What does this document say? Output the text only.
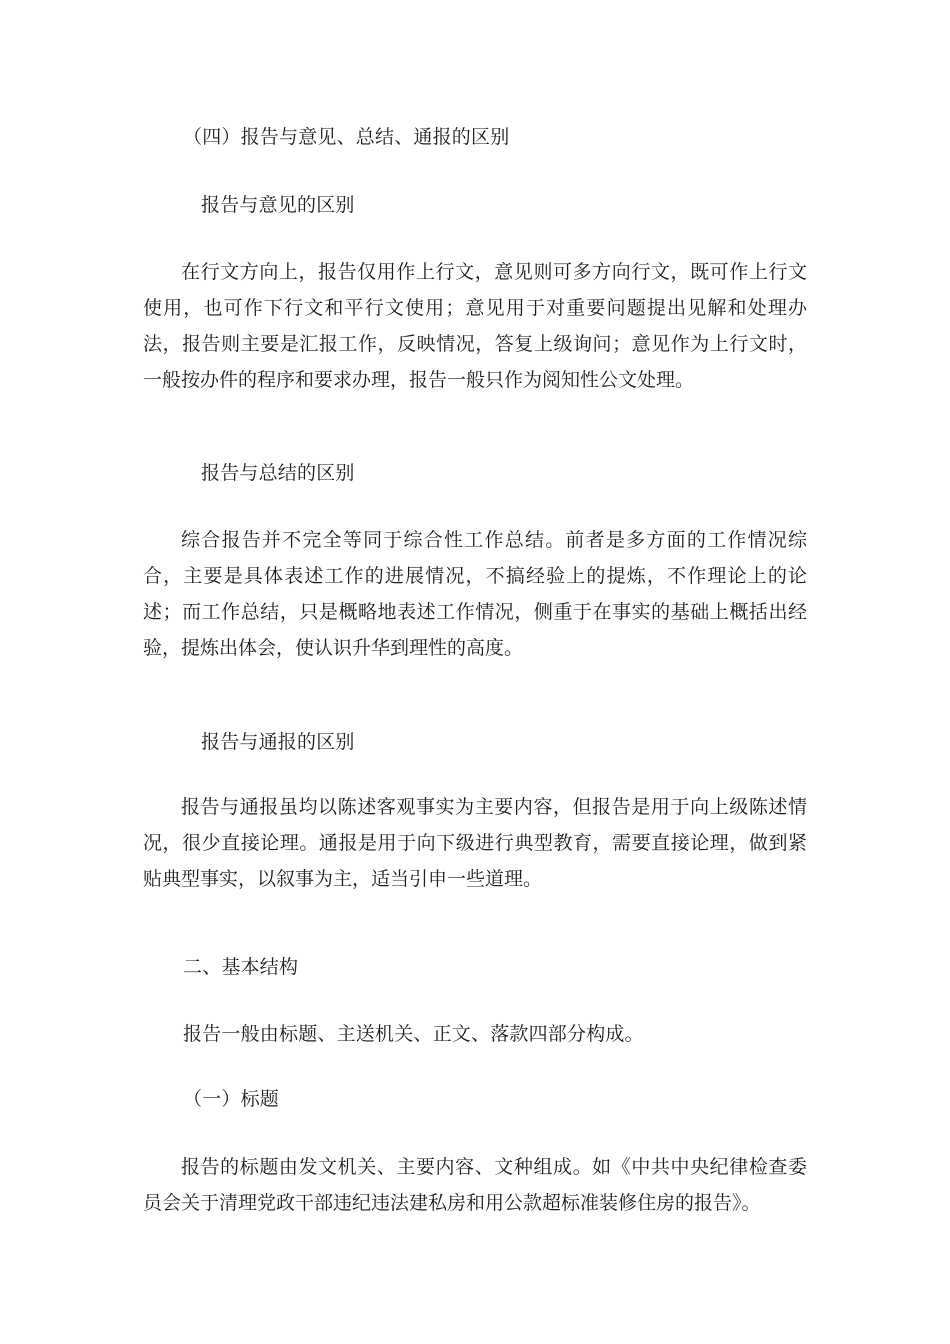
（四）报告与意见、总结、通报的区别
报告与意见的区别
在行文方向上，报告仅用作上行文，意见则可多方向行文，既可作上行文使用，也可作下行文和平行文使用；意见用于对重要问题提出见解和处理办法，报告则主要是汇报工作，反映情况，答复上级询问；意见作为上行文时，一般按办件的程序和要求办理，报告一般只作为阅知性公文处理。
报告与总结的区别
综合报告并不完全等同于综合性工作总结。前者是多方面的工作情况综合，主要是具体表述工作的进展情况，不搞经验上的提炼，不作理论上的论述；而工作总结，只是概略地表述工作情况，侧重于在事实的基础上概括出经验，提炼出体会，使认识升华到理性的高度。
报告与通报的区别
报告与通报虽均以陈述客观事实为主要内容，但报告是用于向上级陈述情况，很少直接论理。通报是用于向下级进行典型教育，需要直接论理，做到紧贴典型事实，以叙事为主，适当引申一些道理。
二、基本结构
报告一般由标题、主送机关、正文、落款四部分构成。
（一）标题
报告的标题由发文机关、主要内容、文种组成。如《中共中央纪律检查委员会关于清理党政干部违纪违法建私房和用公款超标准装修住房的报告》。
